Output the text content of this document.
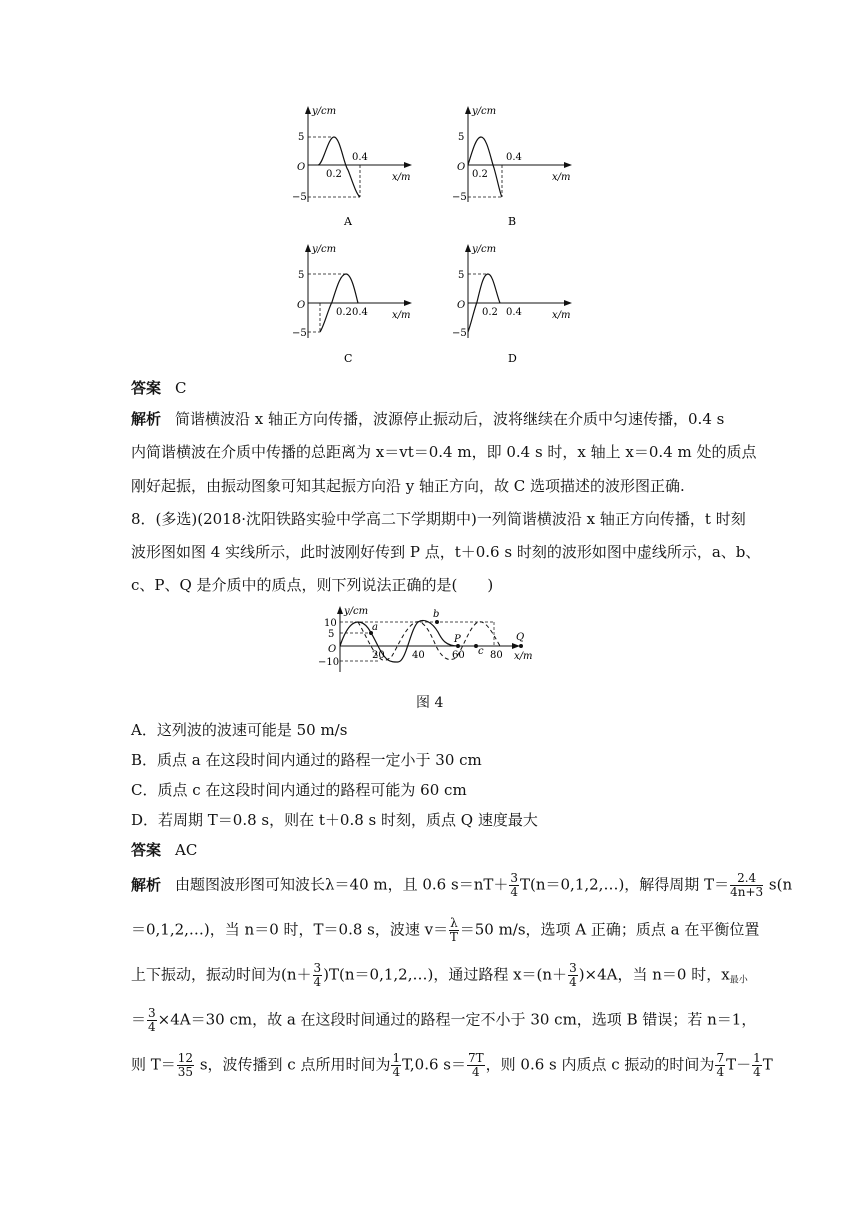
y/cm
5
O
−5
0.2
0.4
x/m
A
y/cm
5
O
−5
0.2
0.4
x/m
B
y/cm
5
O
−5
0.2 0.4 x/m
C
y/cm
5
O
−5
0.2 0.4	x/m
D
答案 C
解析 简谐横波沿 x 轴正方向传播，波源停止振动后，波将继续在介质中匀速传播，0.4 s
内简谐横波在介质中传播的总距离为 x＝vt＝0.4 m，即 0.4 s 时，x 轴上 x＝0.4 m 处的质点
刚好起振，由振动图象可知其起振方向沿 y 轴正方向，故 C 选项描述的波形图正确.
8．(多选)(2018·沈阳铁路实验中学高二下学期期中)一列简谐横波沿 x 轴正方向传播，t 时刻
波形图如图 4 实线所示，此时波刚好传到 P 点，t＋0.6 s 时刻的波形如图中虚线所示，a、b、
c、P、Q 是介质中的质点，则下列说法正确的是(　　)
y/cm
10
5
O
−10
20	40	60	80 x/m
a
b
P
c
Q
图 4
A．这列波的波速可能是 50 m/s
B．质点 a 在这段时间内通过的路程一定小于 30 cm
C．质点 c 在这段时间内通过的路程可能为 60 cm
D．若周期 T＝0.8 s，则在 t＋0.8 s 时刻，质点 Q 速度最大
答案 AC
解析 由题图波形图可知波长λ＝40 m，且 0.6 $s=nT+ \frac{3}{4}$ T(n＝0,1,2,…)，解得周期 $T= \frac{2.4}{4n+3} s(n$
＝0,1,2,…)，当 n＝0 时，T＝0.8 s，波速 $v= \frac{\lambda}{T} =50$ m/s，选项 A 正确；质点 a 在平衡位置
上下振动，振动时间为($n+ \frac{3}{4}$ )T(n＝0,1,2,…)，通过路程 $x=(n+ \frac{3}{4} )\times 4A$，当 n＝0 时，$x_{最小}$
＝ $\frac{3}{4} \times 4A=30$ cm，故 a 在这段时间通过的路程一定不小于 30 cm，选项 B 错误；若 n＝1，
则 $T= \frac{12}{35}$ s，波传播到 c 点所用时间为 $\frac{1}{4} T,0.6$ $s= \frac{7T}{4}$ ，则 0.6 s 内质点 c 振动的时间为 $\frac{7}{4} T- \frac{1}{4}$ T
